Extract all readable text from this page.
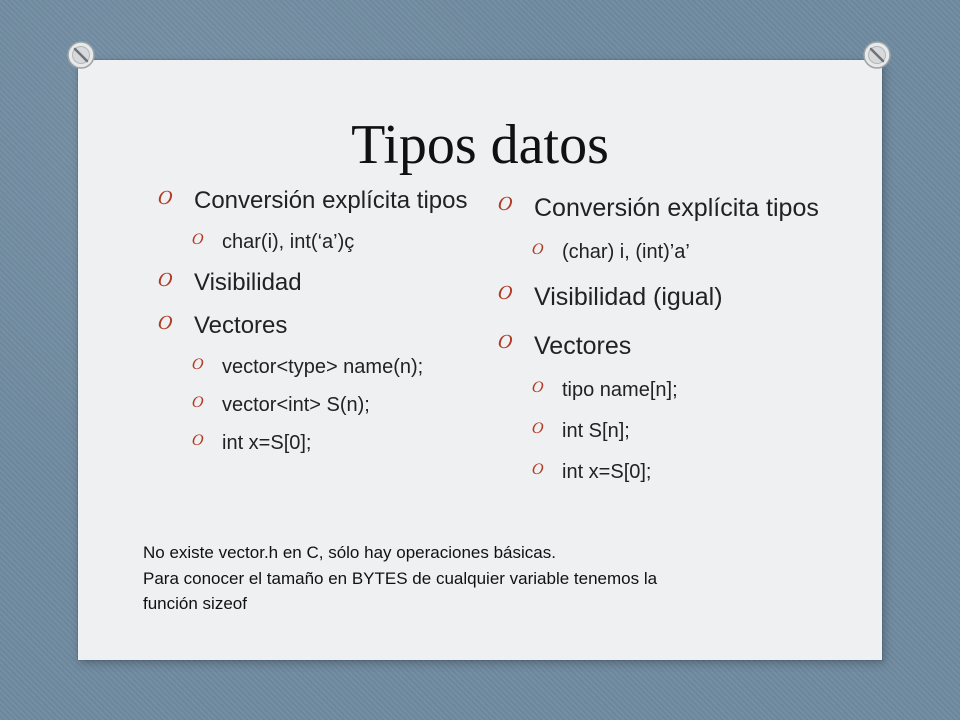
Tipos datos
O Conversión explícita tipos
O char(i), int(‘a’)ç
O Visibilidad
O Vectores
O vector<type> name(n);
O vector<int> S(n);
O int x=S[0];
O Conversión explícita tipos
O (char) i, (int)’a’
O Visibilidad (igual)
O Vectores
O tipo name[n];
O int S[n];
O int x=S[0];
No existe vector.h en C, sólo hay operaciones básicas.
Para conocer el tamaño en BYTES de cualquier variable tenemos la
función sizeof
